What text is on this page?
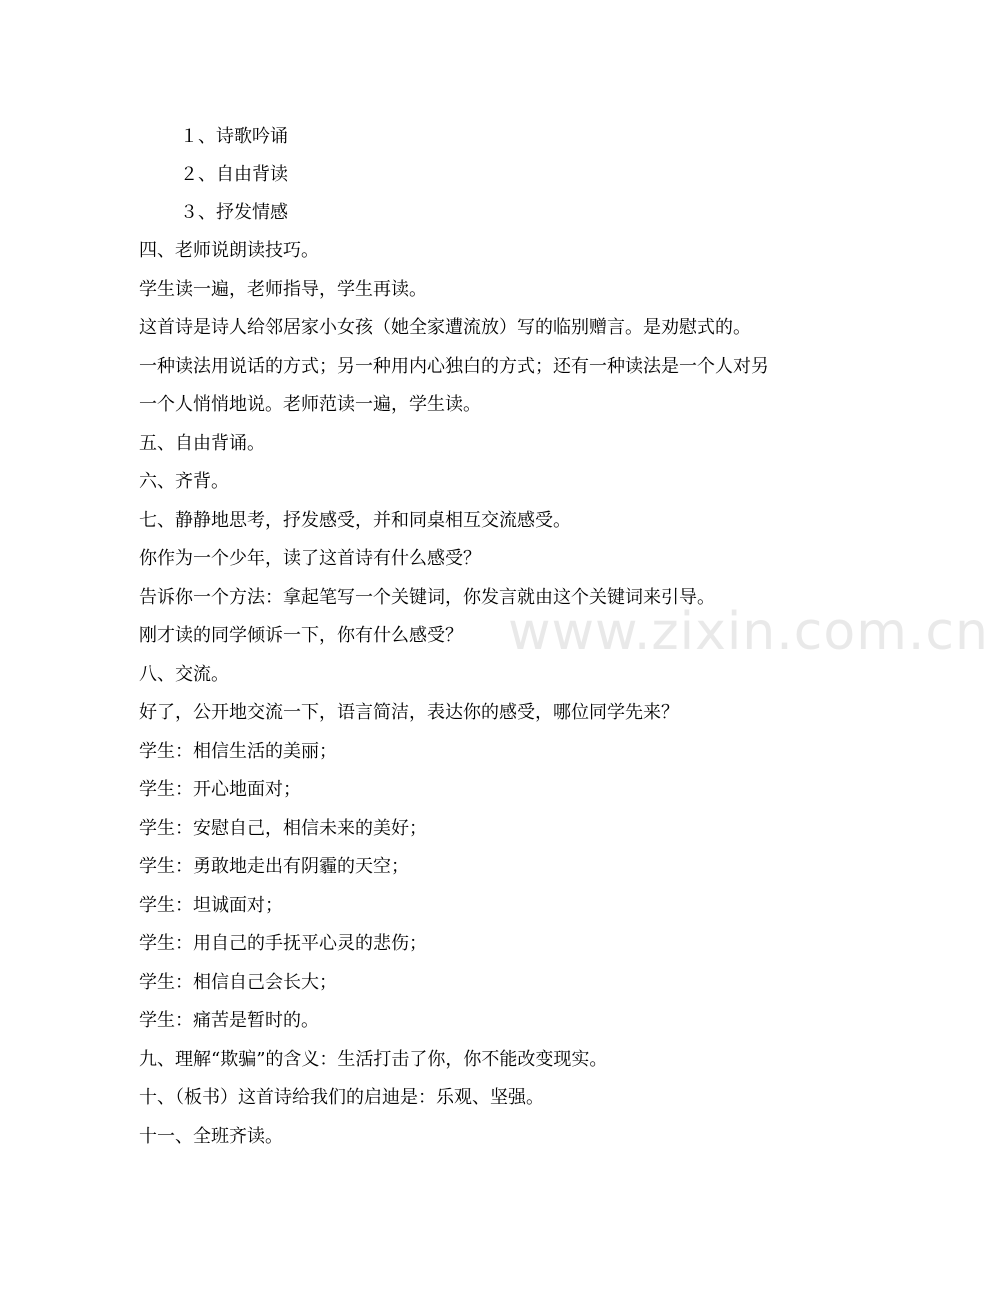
www.zixin.com.cn
１、诗歌吟诵
２、自由背读
３、抒发情感
四、老师说朗读技巧。
学生读一遍，老师指导，学生再读。
这首诗是诗人给邻居家小女孩（她全家遭流放）写的临别赠言。是劝慰式的。
一种读法用说话的方式；另一种用内心独白的方式；还有一种读法是一个人对另
一个人悄悄地说。老师范读一遍，学生读。
五、自由背诵。
六、齐背。
七、静静地思考，抒发感受，并和同桌相互交流感受。
你作为一个少年，读了这首诗有什么感受？
告诉你一个方法：拿起笔写一个关键词，你发言就由这个关键词来引导。
刚才读的同学倾诉一下，你有什么感受？
八、交流。
好了，公开地交流一下，语言简洁，表达你的感受，哪位同学先来？
学生：相信生活的美丽；
学生：开心地面对；
学生：安慰自己，相信未来的美好；
学生：勇敢地走出有阴霾的天空；
学生：坦诚面对；
学生：用自己的手抚平心灵的悲伤；
学生：相信自己会长大；
学生：痛苦是暂时的。
九、理解“欺骗”的含义：生活打击了你，你不能改变现实。
十、（板书）这首诗给我们的启迪是：乐观、坚强。
十一、全班齐读。
